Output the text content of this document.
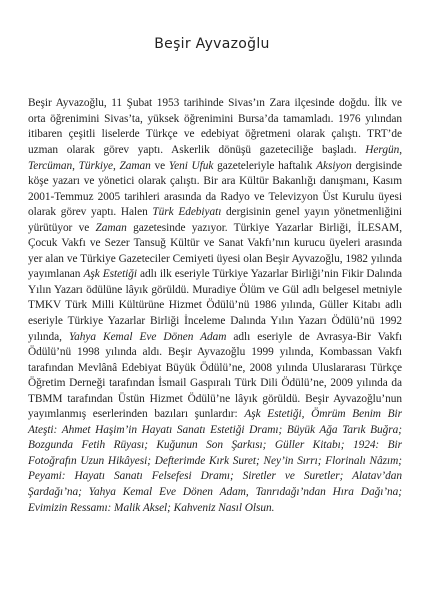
Beşir Ayvazoğlu

Beşir Ayvazoğlu, 11 Şubat 1953 tarihinde Sivas’ın Zara ilçesinde doğdu. İlk ve orta öğrenimini Sivas’ta, yüksek öğrenimini Bursa’da tamamladı. 1976 yılından itibaren çeşitli liselerde Türkçe ve edebiyat öğretmeni olarak çalıştı. TRT’de uzman olarak görev yaptı. Askerlik dönüşü gazeteciliğe başladı. Hergün, Tercüman, Türkiye, Zaman ve Yeni Ufuk gazeteleriyle haftalık Aksiyon dergisinde köşe yazarı ve yönetici olarak çalıştı. Bir ara Kültür Bakanlığı danışmanı, Kasım 2001-Temmuz 2005 tarihleri arasında da Radyo ve Televizyon Üst Kurulu üyesi olarak görev yaptı. Halen Türk Edebiyatı dergisinin genel yayın yönetmenliğini yürütüyor ve Zaman gazetesinde yazıyor. Türkiye Yazarlar Birliği, İLESAM, Çocuk Vakfı ve Sezer Tansuğ Kültür ve Sanat Vakfı’nın kurucu üyeleri arasında yer alan ve Türkiye Gazeteciler Cemiyeti üyesi olan Beşir Ayvazoğlu, 1982 yılında yayımlanan Aşk Estetiği adlı ilk eseriyle Türkiye Yazarlar Birliği’nin Fikir Dalında Yılın Yazarı ödülüne lâyık görüldü. Muradiye Ölüm ve Gül adlı belgesel metniyle TMKV Türk Milli Kültürüne Hizmet Ödülü’nü 1986 yılında, Güller Kitabı adlı eseriyle Türkiye Yazarlar Birliği İnceleme Dalında Yılın Yazarı Ödülü’nü 1992 yılında, Yahya Kemal Eve Dönen Adam adlı eseriyle de Avrasya-Bir Vakfı Ödülü’nü 1998 yılında aldı. Beşir Ayvazoğlu 1999 yılında, Kombassan Vakfı tarafından Mevlânâ Edebiyat Büyük Ödülü’ne, 2008 yılında Uluslararası Türkçe Öğretim Derneği tarafından İsmail Gaspıralı Türk Dili Ödülü’ne, 2009 yılında da TBMM tarafından Üstün Hizmet Ödülü’ne lâyık görüldü. Beşir Ayvazoğlu’nun yayımlanmış eserlerinden bazıları şunlardır: Aşk Estetiği, Ömrüm Benim Bir Ateşti: Ahmet Haşim’in Hayatı Sanatı Estetiği Dramı; Büyük Ağa Tarık Buğra; Bozgunda Fetih Rüyası; Kuğunun Son Şarkısı; Güller Kitabı; 1924: Bir Fotoğrafın Uzun Hikâyesi; Defterimde Kırk Suret; Ney’in Sırrı; Florinalı Nâzım; Peyami: Hayatı Sanatı Felsefesi Dramı; Siretler ve Suretler; Alatav’dan Şardağı’na; Yahya Kemal Eve Dönen Adam, Tanrıdağı’ndan Hıra Dağı’na; Evimizin Ressamı: Malik Aksel; Kahveniz Nasıl Olsun.
